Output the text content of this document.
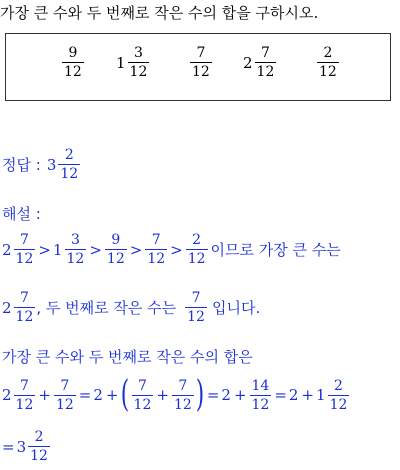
가장 큰 수와 두 번째로 작은 수의 합을 구하시오.
$\frac{9}{12} 1 \frac{3}{12}$	$\frac{7}{12} 2 \frac{7}{12}$	$\frac{2}{12}$
정답 : $3 \frac{2}{12}$
해설 :
$2 \frac{7}{12} > 1 \frac{3}{12} > \frac{9}{12} > \frac{7}{12} > \frac{2}{12}$ 이므로 가장 큰 수는
$2 \frac{7}{12}$ , 두 번째로 작은 수는 $\frac{7}{12}$ 입니다.
가장 큰 수와 두 번째로 작은 수의 합은
$2 \frac{7}{12} + \frac{7}{12} = 2$ + ( $\frac{7}{12} + \frac{7}{12}$ ) = $2 + \frac{14}{12} = 2 + 1 \frac{2}{12}$
= $3 \frac{2}{12}$
